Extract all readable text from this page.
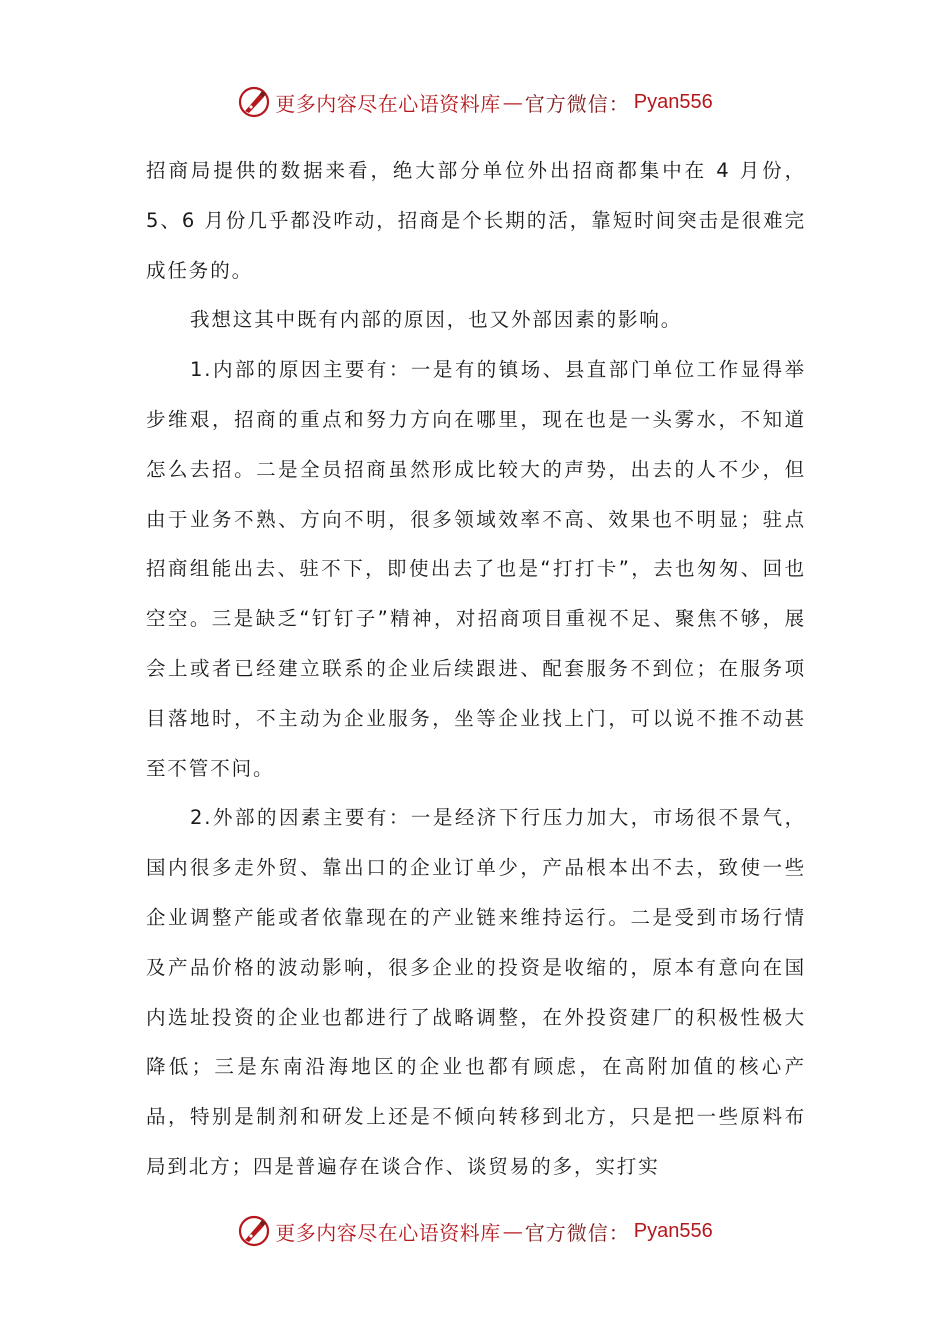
更多内容尽在心语资料库 — 官方微信： Pyan556

招商局提供的数据来看，绝大部分单位外出招商都集中在 4 月份，5、6 月份几乎都没咋动，招商是个长期的活，靠短时间突击是很难完成任务的。

我想这其中既有内部的原因，也又外部因素的影响。

1.内部的原因主要有：一是有的镇场、县直部门单位工作显得举步维艰，招商的重点和努力方向在哪里，现在也是一头雾水，不知道怎么去招。二是全员招商虽然形成比较大的声势，出去的人不少，但由于业务不熟、方向不明，很多领域效率不高、效果也不明显；驻点招商组能出去、驻不下，即使出去了也是“打打卡”，去也匆匆、回也空空。三是缺乏“钉钉子”精神，对招商项目重视不足、聚焦不够，展会上或者已经建立联系的企业后续跟进、配套服务不到位；在服务项目落地时，不主动为企业服务，坐等企业找上门，可以说不推不动甚至不管不问。

2.外部的因素主要有：一是经济下行压力加大，市场很不景气，国内很多走外贸、靠出口的企业订单少，产品根本出不去，致使一些企业调整产能或者依靠现在的产业链来维持运行。二是受到市场行情及产品价格的波动影响，很多企业的投资是收缩的，原本有意向在国内选址投资的企业也都进行了战略调整，在外投资建厂的积极性极大降低；三是东南沿海地区的企业也都有顾虑，在高附加值的核心产品，特别是制剂和研发上还是不倾向转移到北方，只是把一些原料布局到北方；四是普遍存在谈合作、谈贸易的多，实打实

更多内容尽在心语资料库 — 官方微信： Pyan556
